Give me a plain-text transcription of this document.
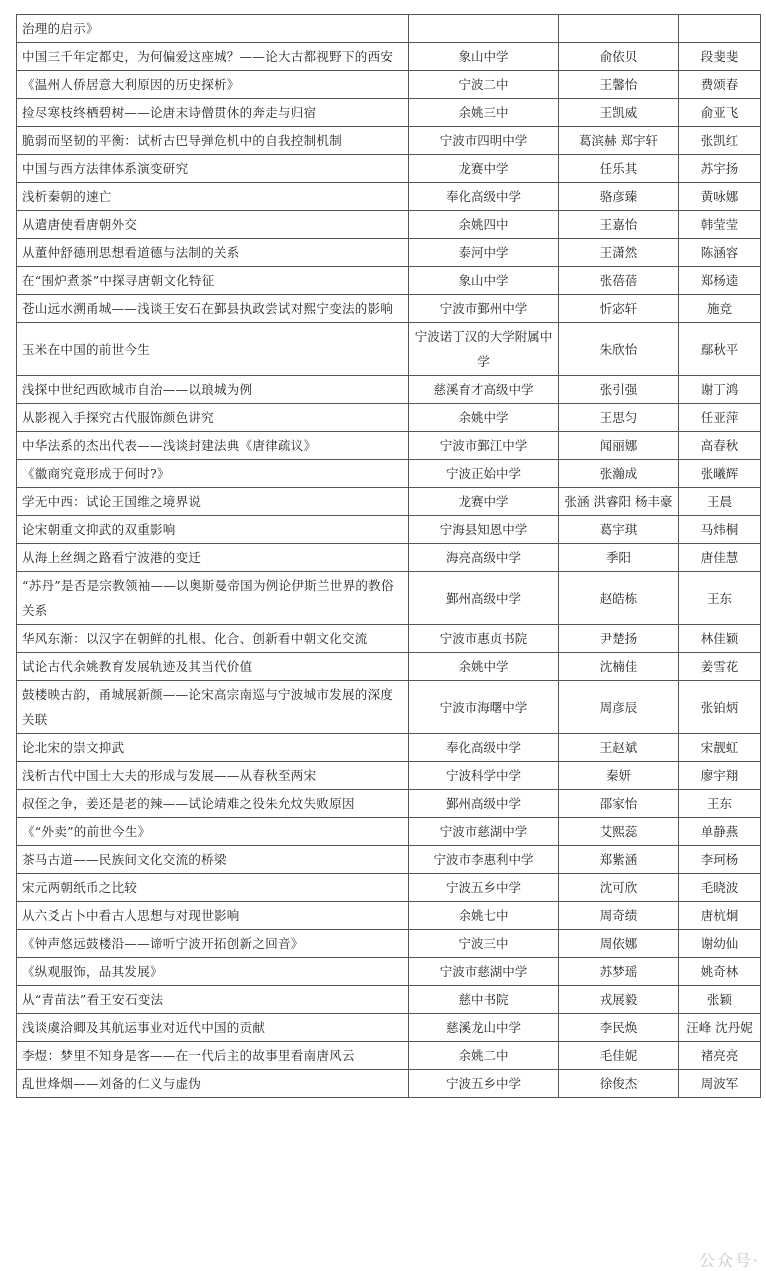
治理的启示》			
中国三千年定都史，为何偏爱这座城？——论大古都视野下的西安	象山中学	俞依贝	段斐斐
《温州人侨居意大利原因的历史探析》	宁波二中	王馨怡	费颂春
捡尽寒枝终栖碧树——论唐末诗僧贯休的奔走与归宿	余姚三中	王凯威	俞亚飞
脆弱而坚韧的平衡：试析古巴导弹危机中的自我控制机制	宁波市四明中学	葛滨赫 郑宇轩	张凯红
中国与西方法律体系演变研究	龙赛中学	任乐其	苏宇扬
浅析秦朝的速亡	奉化高级中学	骆彦臻	黄咏娜
从遣唐使看唐朝外交	余姚四中	王嘉怡	韩莹莹
从董仲舒德刑思想看道德与法制的关系	泰河中学	王潇然	陈涵容
在“围炉煮茶”中探寻唐朝文化特征	象山中学	张蓓蓓	郑杨逵
苍山远水溯甬城——浅谈王安石在鄞县执政尝试对熙宁变法的影响	宁波市鄞州中学	忻宓轩	施竞
玉米在中国的前世今生	宁波诺丁汉的大学附属中学	朱欣怡	鄢秋平
浅探中世纪西欧城市自治——以琅城为例	慈溪育才高级中学	张引强	谢丁鸿
从影视入手探究古代服饰颜色讲究	余姚中学	王思匀	任亚萍
中华法系的杰出代表——浅谈封建法典《唐律疏议》	宁波市鄞江中学	闻丽娜	高春秋
《徽商究竟形成于何时?》	宁波正始中学	张瀚成	张曦辉
学无中西：试论王国维之境界说	龙赛中学	张涵 洪睿阳 杨丰豪	王晨
论宋朝重文抑武的双重影响	宁海县知恩中学	葛宇琪	马炜桐
从海上丝绸之路看宁波港的变迁	海亮高级中学	季阳	唐佳慧
“苏丹”是否是宗教领袖——以奥斯曼帝国为例论伊斯兰世界的教俗关系	鄞州高级中学	赵皓栋	王东
华风东渐：以汉字在朝鲜的扎根、化合、创新看中朝文化交流	宁波市惠贞书院	尹楚扬	林佳颖
试论古代余姚教育发展轨迹及其当代价值	余姚中学	沈楠佳	姜雪花
鼓楼映古韵，甬城展新颜——论宋高宗南巡与宁波城市发展的深度关联	宁波市海曙中学	周彦辰	张铂炳
论北宋的崇文抑武	奉化高级中学	王赵斌	宋靓虹
浅析古代中国士大夫的形成与发展——从春秋至两宋	宁波科学中学	秦妍	廖宇翔
叔侄之争，姜还是老的辣——试论靖难之役朱允炆失败原因	鄞州高级中学	邵家怡	王东
《“外卖”的前世今生》	宁波市慈湖中学	艾熙蕊	单静燕
茶马古道——民族间文化交流的桥梁	宁波市李惠利中学	郑紫涵	李珂杨
宋元两朝纸币之比较	宁波五乡中学	沈可欣	毛晓波
从六爻占卜中看古人思想与对现世影响	余姚七中	周奇绩	唐杭炯
《钟声悠远鼓楼沿——谛听宁波开拓创新之回音》	宁波三中	周依娜	谢幼仙
《纵观服饰，品其发展》	宁波市慈湖中学	苏梦瑶	姚奇林
从“青苗法”看王安石变法	慈中书院	戎展毅	张颖
浅谈虞洽卿及其航运事业对近代中国的贡献	慈溪龙山中学	李民焕	汪峰 沈丹妮
李煜：梦里不知身是客——在一代后主的故事里看南唐风云	余姚二中	毛佳妮	褚亮亮
乱世烽烟——刘备的仁义与虚伪	宁波五乡中学	徐俊杰	周波军
公众号·
